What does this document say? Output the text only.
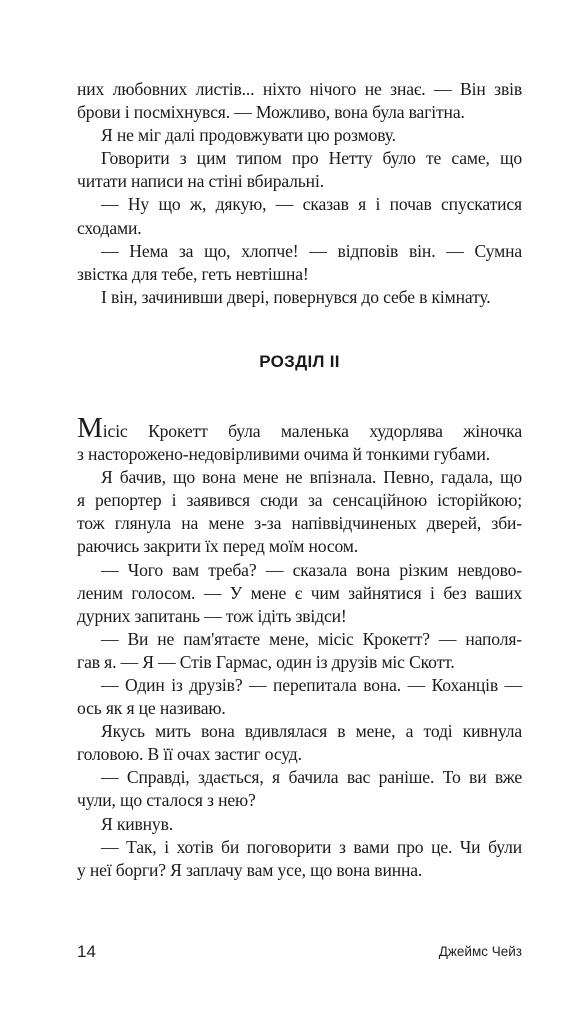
них любовних листів... ніхто нічого не знає. — Він звів
брови і посміхнувся. — Можливо, вона була вагітна.

Я не міг далі продовжувати цю розмову.

Говорити з цим типом про Нетту було те саме, що
читати написи на стіні вбиральні.

— Ну що ж, дякую, — сказав я і почав спускатися
сходами.

— Нема за що, хлопче! — відповів він. — Сумна
звістка для тебе, геть невтішна!

І він, зачинивши двері, повернувся до себе в кімнату.

РОЗДІЛ ІІ

Місіс Крокетт була маленька худорлява жіночка
з насторожено-недовірливими очима й тонкими губами.

Я бачив, що вона мене не впізнала. Певно, гадала, що
я репортер і заявився сюди за сенсаційною історійкою;
тож глянула на мене з-за напіввідчиненых дверей, зби-
раючись закрити їх перед моїм носом.

— Чого вам треба? — сказала вона різким невдово-
леним голосом. — У мене є чим зайнятися і без ваших
дурних запитань — тож ідіть звідси!

— Ви не пам'ятаєте мене, місіс Крокетт? — наполя-
гав я. — Я — Стів Гармас, один із друзів міс Скотт.

— Один із друзів? — перепитала вона. — Коханців —
ось як я це називаю.

Якусь мить вона вдивлялася в мене, а тоді кивнула
головою. В її очах застиг осуд.

— Справді, здається, я бачила вас раніше. То ви вже
чули, що сталося з нею?

Я кивнув.

— Так, і хотів би поговорити з вами про це. Чи були
у неї борги? Я заплачу вам усе, що вона винна.

14	Джеймс Чейз
